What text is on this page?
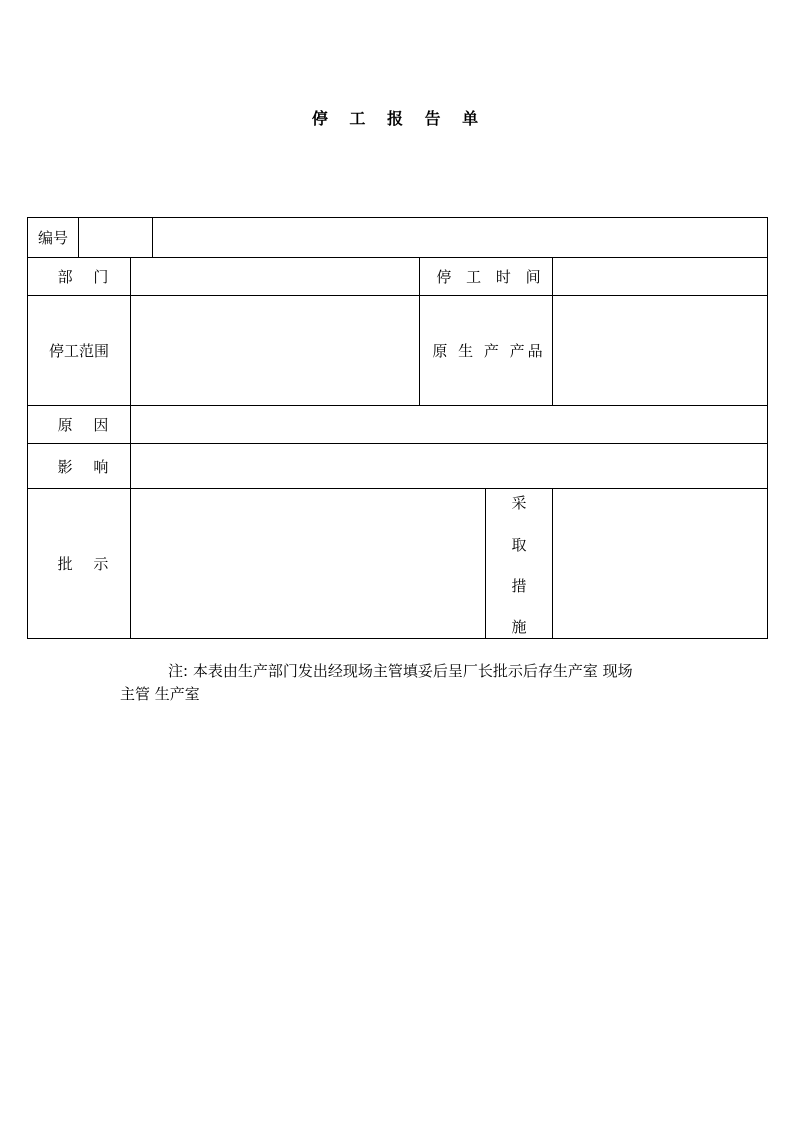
停 工 报 告 单
编号
部 门	停 工 时 间
停工范围	原 生 产 产品
原 因
影 响
批 示
采
取
措
施
注: 本表由生产部门发出经现场主管填妥后呈厂长批示后存生产室 现场
主管 生产室
